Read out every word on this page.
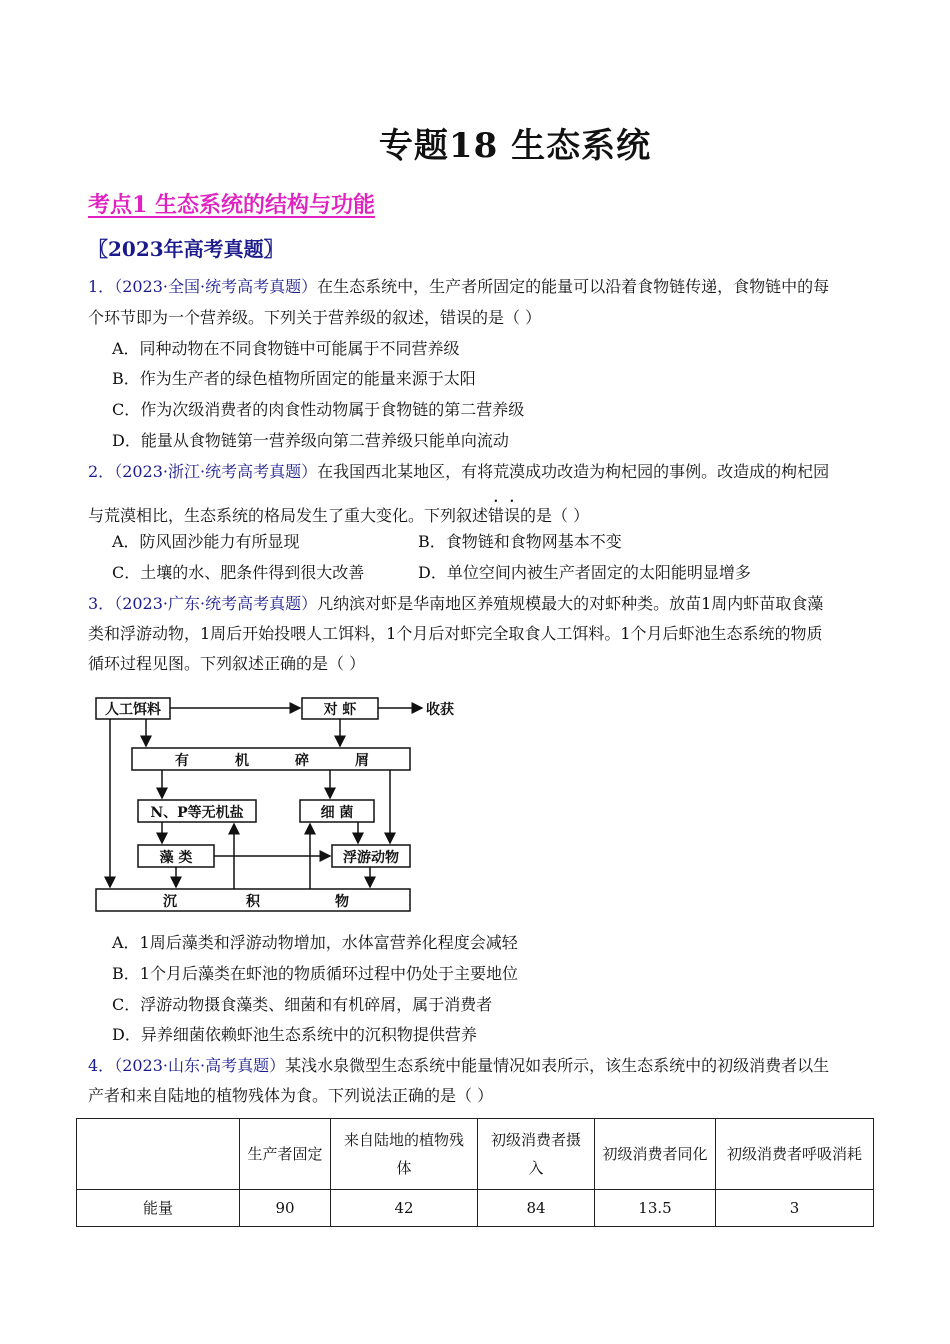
专题18 生态系统
考点1 生态系统的结构与功能
〖2023年高考真题〗
1．（2023·全国·统考高考真题）在生态系统中，生产者所固定的能量可以沿着食物链传递，食物链中的每
个环节即为一个营养级。下列关于营养级的叙述，错误的是（ ）
A．同种动物在不同食物链中可能属于不同营养级
B．作为生产者的绿色植物所固定的能量来源于太阳
C．作为次级消费者的肉食性动物属于食物链的第二营养级
D．能量从食物链第一营养级向第二营养级只能单向流动
2．（2023·浙江·统考高考真题）在我国西北某地区，有将荒漠成功改造为枸杞园的事例。改造成的枸杞园
与荒漠相比，生态系统的格局发生了重大变化。下列叙述错误的是（ ）
A．防风固沙能力有所显现	B．食物链和食物网基本不变
C．土壤的水、肥条件得到很大改善	D．单位空间内被生产者固定的太阳能明显增多
3．（2023·广东·统考高考真题）凡纳滨对虾是华南地区养殖规模最大的对虾种类。放苗1周内虾苗取食藻
类和浮游动物，1周后开始投喂人工饵料，1个月后对虾完全取食人工饵料。1个月后虾池生态系统的物质
循环过程见图。下列叙述正确的是（ ）
人工饵料	对 虾	收获
有	机	碎	屑
N、P等无机盐	细 菌
藻 类	浮游动物
沉	积	物
A．1周后藻类和浮游动物增加，水体富营养化程度会减轻
B．1个月后藻类在虾池的物质循环过程中仍处于主要地位
C．浮游动物摄食藻类、细菌和有机碎屑，属于消费者
D．异养细菌依赖虾池生态系统中的沉积物提供营养
4．（2023·山东·高考真题）某浅水泉微型生态系统中能量情况如表所示，该生态系统中的初级消费者以生
产者和来自陆地的植物残体为食。下列说法正确的是（ ）
	生产者固定	来自陆地的植物残体	初级消费者摄入	初级消费者同化	初级消费者呼吸消耗
能量	90	42	84	13.5	3
